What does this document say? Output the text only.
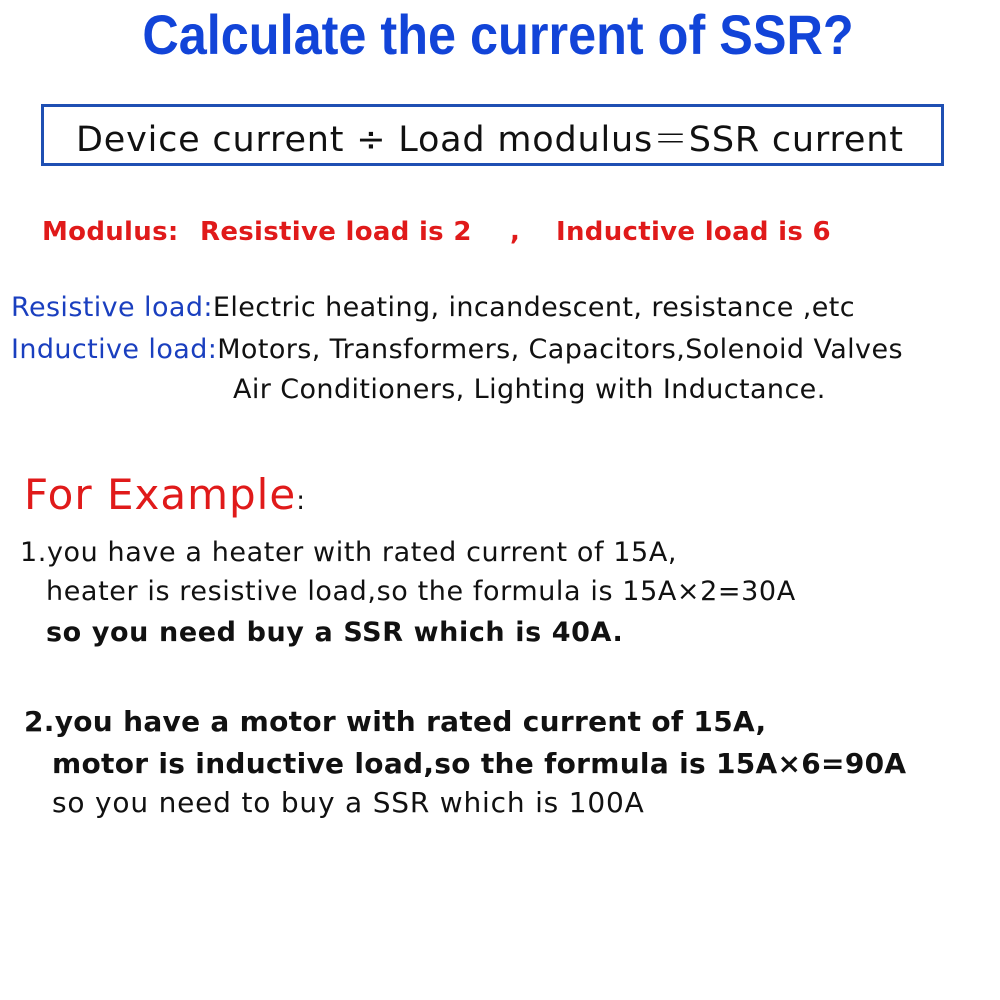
Calculate the current of SSR?
Device current ÷ Load modulus＝SSR current
Modulus: Resistive load is 2 , Inductive load is 6
Resistive load:Electric heating, incandescent, resistance ,etc
Inductive load:Motors, Transformers, Capacitors,Solenoid Valves
Air Conditioners, Lighting with Inductance.
For Example:
1.you have a heater with rated current of 15A,
heater is resistive load,so the formula is 15A×2=30A
so you need buy a SSR which is 40A.
2.you have a motor with rated current of 15A,
motor is inductive load,so the formula is 15A×6=90A
so you need to buy a SSR which is 100A
